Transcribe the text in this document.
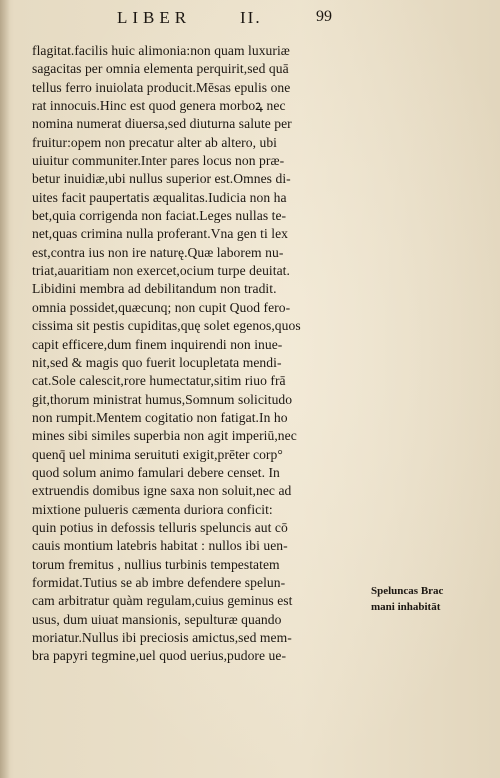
LIBER	II.	99
flagitat.facilis huic alimonia:non quam luxuriæ
sagacitas per omnia elementa perquirit,sed quā
tellus ferro inuiolata producit.Mēsas epulis one
rat innocuis.Hinc est quod genera morboꝝ nec
nomina numerat diuersa,sed diuturna salute per
fruitur:opem non precatur alter ab altero, ubi
uiuitur communiter.Inter pares locus non præ-
betur inuidiæ,ubi nullus superior est.Omnes di-
uites facit paupertatis æqualitas.Iudicia non ha
bet,quia corrigenda non faciat.Leges nullas te-
net,quas crimina nulla proferant.Vna gen ti lex
est,contra ius non ire naturę.Quæ laborem nu-
triat,auaritiam non exercet,ocium turpe deuitat.
Libidini membra ad debilitandum non tradit.
omnia possidet,quæcunq; non cupit Quod fero-
cissima sit pestis cupiditas,quę solet egenos,quos
capit efficere,dum finem inquirendi non inue-
nit,sed & magis quo fuerit locupletata mendi-
cat.Sole calescit,rore humectatur,sitim riuo frā
git,thorum ministrat humus,Somnum solicitudo
non rumpit.Mentem cogitatio non fatigat.In ho
mines sibi similes superbia non agit imperiū,nec
quenq̄ uel minima seruituti exigit,prēter corp°
quod solum animo famulari debere censet. In
extruendis domibus igne saxa non soluit,nec ad
mixtione pulueris cæmenta duriora conficit:
quin potius in defossis telluris speluncis aut cō
cauis montium latebris habitat : nullos ibi uen-
torum fremitus , nullius turbinis tempestatem
formidat.Tutius se ab imbre defendere spelun-
cam arbitratur quàm regulam,cuius geminus est
usus, dum uiuat mansionis, sepulturæ quando
moriatur.Nullus ibi preciosis amictus,sed mem-
bra papyri tegmine,uel quod uerius,pudore ue-
Speluncas Brac
mani inhabitāt
